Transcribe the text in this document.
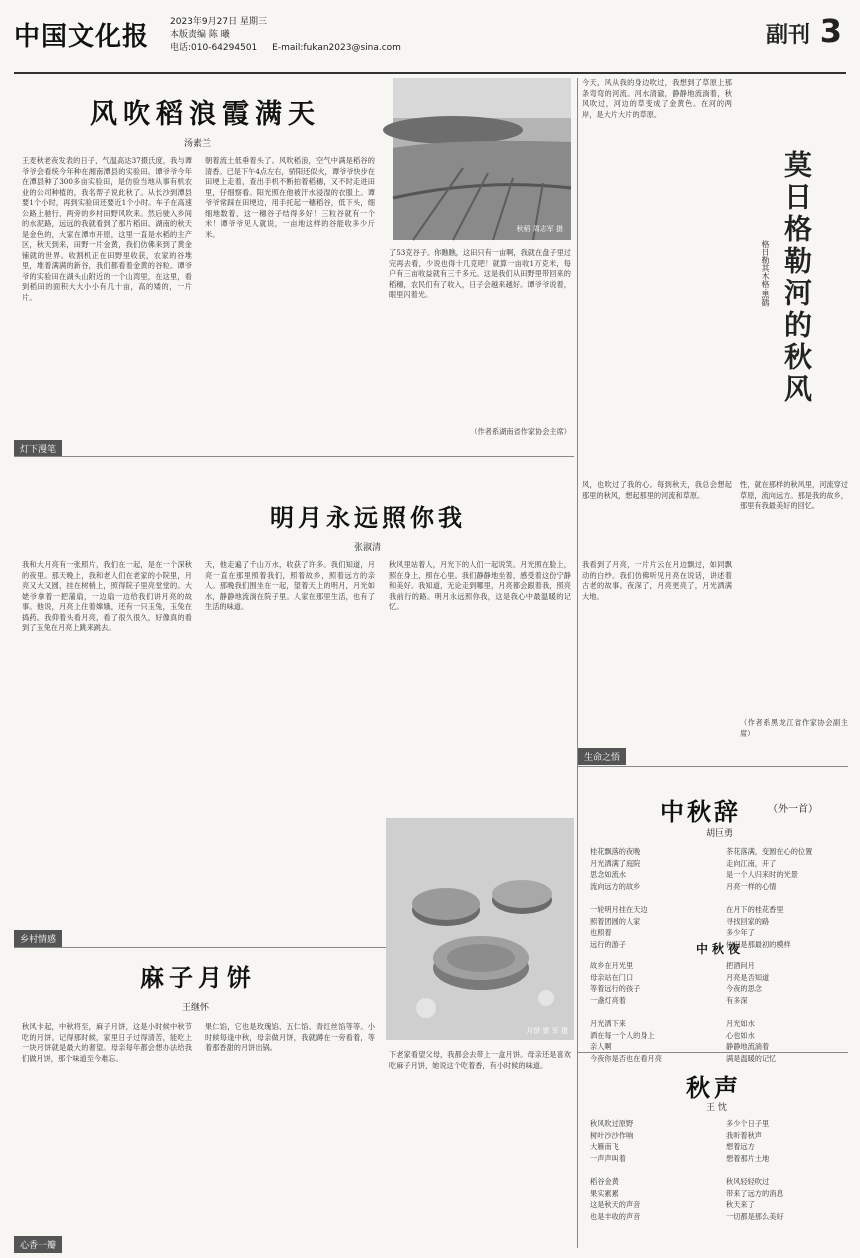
中国文化报 2023年9月27日 星期三
本版责编 陈 曦
电话:010-64294501 E-mail:fukan2023@sina.com	副刊 3
风吹稻浪霞满天
汤素兰
秋稻 周志军 摄
王麦秋老夜发表的日子，气温高达37摄氏度，我与谭爷爷会看统今年种在湘南潭县的实验田。谭爷爷今年在潭县种了300多亩实验田，是仿验当地从事有机农业的公司种植的，我名帮子说此秋了。从长沙到潭县要1个小时，再到实验田还要近1个小时。车子在高速公路上驰行，两旁的乡村田野风吹来。然后驶入乡间的水泥路，远远的我就看到了那片稻田。湖南的秋天是金色的，大家在潭市开原，这里一直是水稻的主产区，秋天到来，田野一片金黄，我们仿佛来到了黄金铺就的世界。收割机正在田野里收获，农家的谷堆里，堆着满满的新谷，我们都看着金黄的谷粒。谭爷爷的实验田在湖头山附近的一个山湾里，在这里，看到稻田的面积大大小小有几十亩，高的矮的，一片片。
朝着流土低垂着头了。风吹稻浪，空气中满是稻谷的清香。已是下午4点左右，骄阳还似火，谭爷爷快步在田埂上走着，查出手机不断拍着稻穗，又不时走进田里，仔细察看。阳光照在他被汗水浸湿的衣服上。谭爷爷常踩在田埂边，用手托起一穗稻谷，低下头，细细地数着，这一穗谷子结得多好！三粒谷就有一个米！谭爷爷见人就说，一亩地这样的谷能收多少斤米。
了53克谷子。你瞧瞧，这田只有一亩啊，我就在盘子里过完再去看，少说也得十几克吧！就算一亩收1万克米，每户有三亩收益就有三千多元。这是我们从田野里带回来的稻穗，农民们有了收入，日子会越来越好。谭爷爷说着，眼里闪着光。
（作者系湖南省作家协会主席）
灯下漫笔
明月永远照你我
张淑清
我和大月亮有一张照片，我们在一起，是在一个深秋的夜里。那天晚上，我和老人们在老家的小院里，月亮又大又圆，挂在树梢上，照得院子里亮堂堂的。大姥爷拿着一把蒲扇，一边扇一边给我们讲月亮的故事。他说，月亮上住着嫦娥，还有一只玉兔，玉兔在捣药。我仰着头看月亮，看了很久很久，好像真的看到了玉兔在月亮上跳来跳去。
天，他走遍了千山万水，收获了许多。我们知道，月亮一直在那里照着我们，照着故乡，照着远方的亲人。那晚我们围坐在一起，望着天上的明月，月光如水，静静地流淌在院子里。人家在那里生活，也有了生活的味道。
秋风里站着人，月光下的人们一起说笑。月光照在脸上，照在身上，照在心里。我们静静地坐着，感受着这份宁静和美好。我知道，无论走到哪里，月亮都会跟着我，照亮我前行的路。明月永远照你我，这是我心中最温暖的记忆。
我看到了月亮，一片片云在月边飘过，如同飘动的白纱。我们仿佛听见月亮在说话，讲述着古老的故事。夜深了，月亮更亮了，月光洒满大地。
乡村情感
月饼 贾 军 摄
麻子月饼
王继怀
秋风卡起，中秋将至，麻子月饼，这是小时候中秋节吃的月饼。记得那时候，家里日子过得清苦，能吃上一块月饼就是最大的奢望。母亲每年都会想办法给我们做月饼，那个味道至今难忘。
果仁馅，它也是玫瑰馅、五仁馅、青红丝馅等等。小时候每逢中秋，母亲做月饼，我就蹲在一旁看着，等着那香甜的月饼出锅。
下老家看望父母，我都会去带上一盒月饼。母亲还是喜欢吃麻子月饼，她说这个吃着香，有小时候的味道。
心香一瓣
今天，风从我的身边吹过，我想到了草原上那条弯弯的河流。河水清澈，静静地流淌着，秋风吹过，河边的草变成了金黄色。在河的两岸，是大片大片的草原。
莫日格勒河的秋风
格日勒其木格·黑鹤
性，就在那样的秋风里，河流穿过草原，流向远方。那是我的故乡，那里有我最美好的回忆。
风，也吹过了我的心。每到秋天，我总会想起那里的秋风，想起那里的河流和草原。
（作者系黑龙江省作家协会副主席）
生命之悟
中秋辞	（外一首）
胡巨勇
桂花飘落的夜晚
月光洒满了庭院
思念如流水
流向远方的故乡

一轮明月挂在天边
照着团圆的人家
也照着
远行的游子
茶花落满，变圆在心的位置
走向江南，开了
是一个人归来时的光景
月亮一样的心情

在月下的桂花香里
寻找回家的路
多少年了
依旧是那最初的模样
中秋夜
故乡在月光里
母亲站在门口
等着远行的孩子
一盏灯亮着

月光洒下来
洒在每一个人的身上
亲人啊
今夜你是否也在看月亮
把酒问月
月亮是否知道
今夜的思念
有多深

月光如水
心也如水
静静地流淌着
满是温暖的记忆
秋声
王 忱
秋风吹过原野
树叶沙沙作响
大雁南飞
一声声叫着

稻谷金黄
果实累累
这是秋天的声音
也是丰收的声音
多少个日子里
我听着秋声
想着远方
想着那片土地

秋风轻轻吹过
带来了远方的消息
秋天来了
一切都是那么美好
